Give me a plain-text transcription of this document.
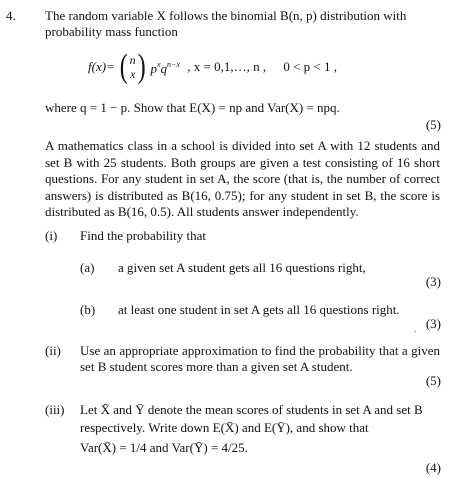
4. The random variable X follows the binomial B(n, p) distribution with
probability mass function
f(x)= ( n
x ) $p^xq^{n-x}$ , x = 0,1,…, n , 0 < p < 1 ,
where q = 1 − p. Show that E(X) = np and Var(X) = npq.
(5)
A mathematics class in a school is divided into set A with 12 students and set B with 25 students. Both groups are given a test consisting of 16 short questions. For any student in set A, the score (that is, the number of correct answers) is distributed as B(16, 0.75); for any student in set B, the score is distributed as B(16, 0.5). All students answer independently.
(i) Find the probability that
(a) a given set A student gets all 16 questions right,
(3)
(b) at least one student in set A gets all 16 questions right.
. (3)
(ii) Use an appropriate approximation to find the probability that a given set B student scores more than a given set A student.
(5)
(iii) Let X̄ and Ȳ denote the mean scores of students in set A and set B
respectively. Write down E(X̄) and E(Ȳ), and show that
Var(X̄) = 1/4 and Var(Ȳ) = 4/25.
(4)
